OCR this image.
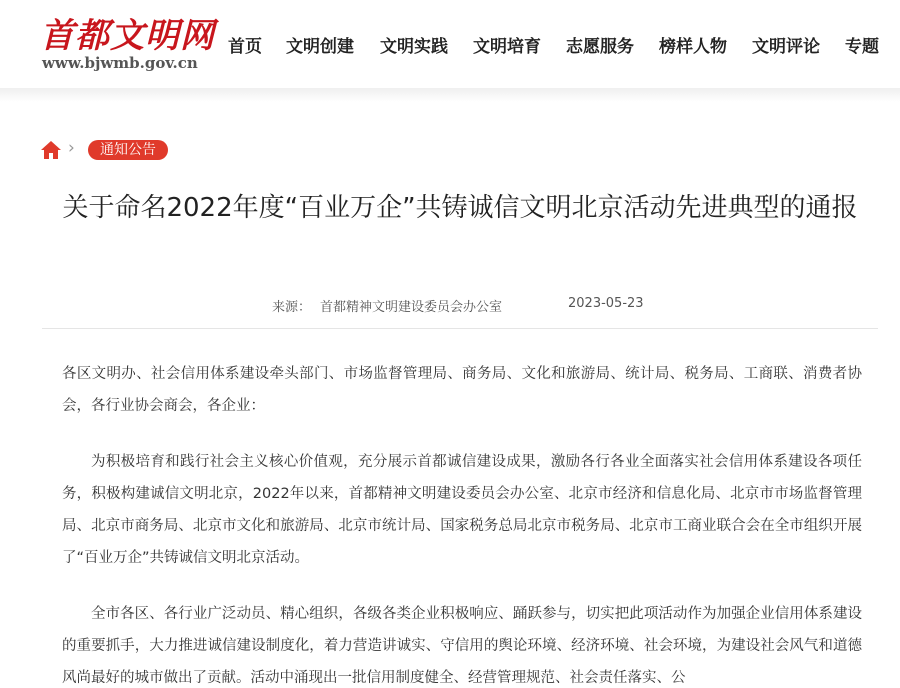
首都文明网
www.bjwmb.gov.cn
首页 文明创建 文明实践 文明培育 志愿服务 榜样人物 文明评论 专题
›	通知公告
关于命名2022年度“百业万企”共铸诚信文明北京活动先进典型的通报
来源： 首都精神文明建设委员会办公室	2023-05-23

各区文明办、社会信用体系建设牵头部门、市场监督管理局、商务局、文化和旅游局、统计局、税务局、工商联、消费者协会，各行业协会商会，各企业：

为积极培育和践行社会主义核心价值观，充分展示首都诚信建设成果，激励各行各业全面落实社会信用体系建设各项任务，积极构建诚信文明北京，2022年以来，首都精神文明建设委员会办公室、北京市经济和信息化局、北京市市场监督管理局、北京市商务局、北京市文化和旅游局、北京市统计局、国家税务总局北京市税务局、北京市工商业联合会在全市组织开展了“百业万企”共铸诚信文明北京活动。

全市各区、各行业广泛动员、精心组织，各级各类企业积极响应、踊跃参与，切实把此项活动作为加强企业信用体系建设的重要抓手，大力推进诚信建设制度化，着力营造讲诚实、守信用的舆论环境、经济环境、社会环境，为建设社会风气和道德风尚最好的城市做出了贡献。活动中涌现出一批信用制度健全、经营管理规范、社会责任落实、公
